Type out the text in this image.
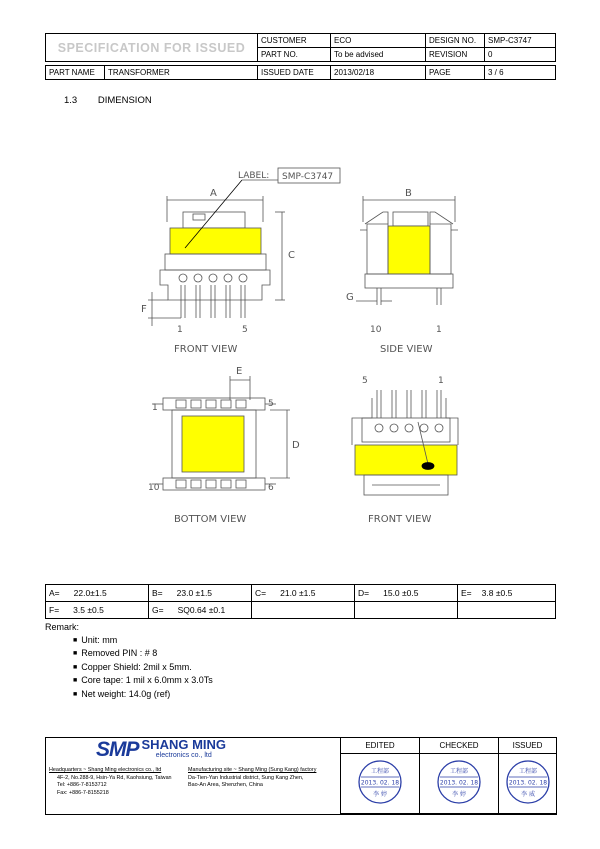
SPECIFICATION FOR ISSUED	CUSTOMER	ECO	DESIGN NO.	SMP-C3747
	PART NO.	To be advised	REVISION	0
PART NAME	TRANSFORMER	ISSUED DATE	2013/02/18	PAGE	3 / 6
1.3 DIMENSION
LABEL: SMP-C3747
A
C
F
1	5
FRONT VIEW
B
G
10	1
SIDE VIEW
E
D
1	5
10	6
BOTTOM VIEW
5	1
FRONT VIEW
A= 22.0±1.5	B= 23.0 ±1.5	C= 21.0 ±1.5	D= 15.0 ±0.5	E= 3.8 ±0.5
F= 3.5 ±0.5	G= SQ0.64 ±0.1			
Remark:
■ Unit: mm
■ Removed PIN : # 8
■ Copper Shield: 2mil x 5mm.
■ Core tape: 1 mil x 6.0mm x 3.0Ts
■ Net weight: 14.0g (ref)
SMP SHANG MING
electronics co., ltd
Headquarters ~ Shang Ming electronics co., ltd
4F-2, No.288-9, Hsin-Ya Rd, Kaohsiung, Taiwan
Tel: +886-7-8153712
Fax: +886-7-8155218
Manufacturing site ~ Shang Ming (Sung Kang) factory
Da-Tien-Yan Industrial district, Sung Kang Zhen,
Bao-An Area, Shenzhen, China
EDITED	CHECKED	ISSUED

工程部
2013. 02. 18
李 婷	工程部
2013. 02. 18
李 婷	工程部
2013. 02. 18
李 威
